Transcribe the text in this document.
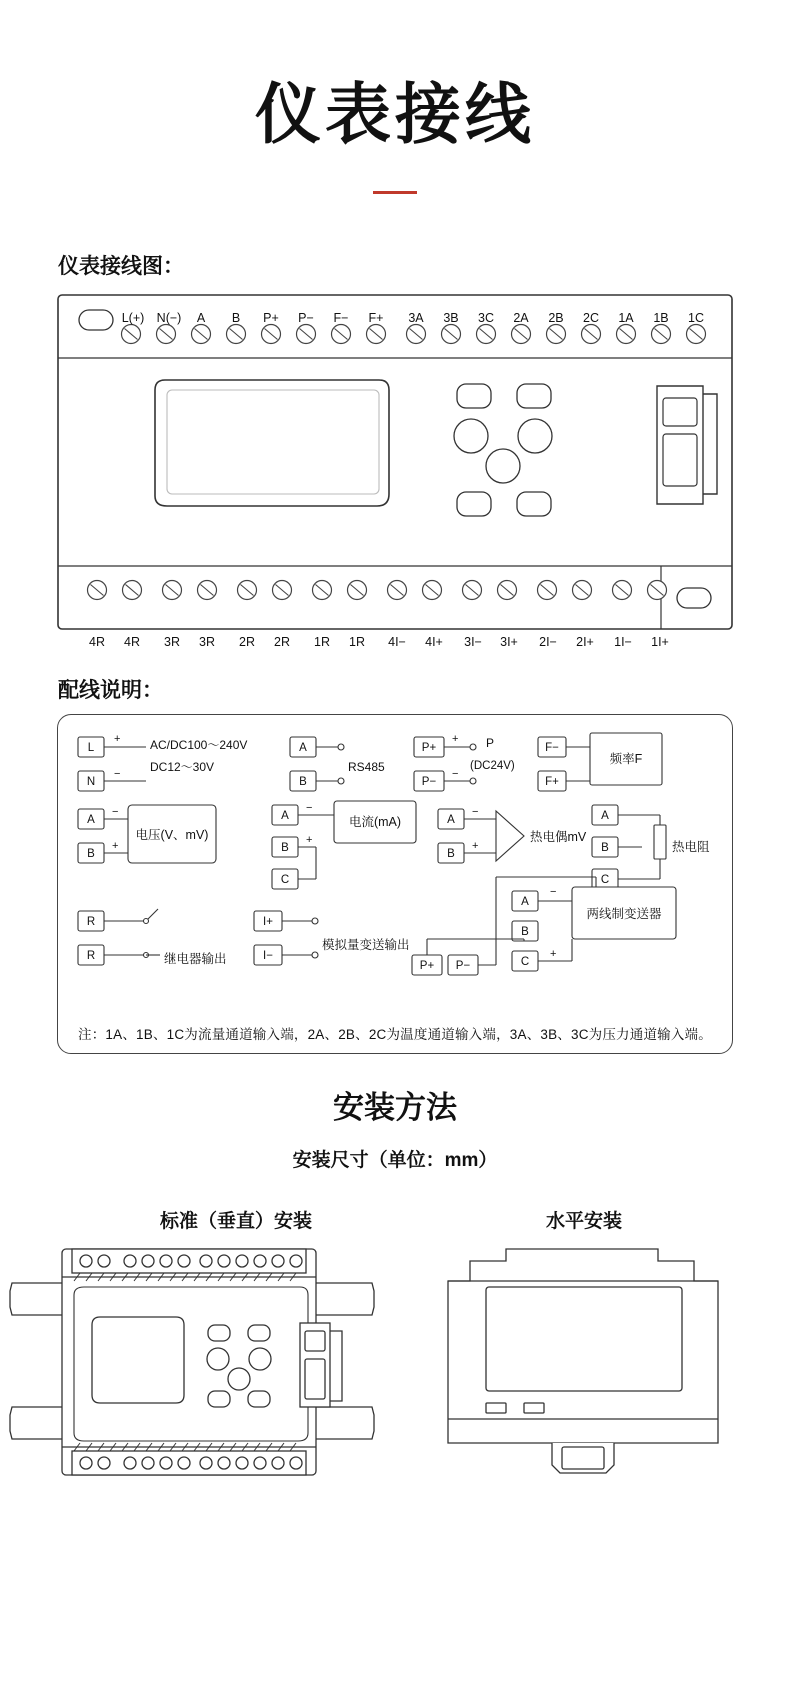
仪表接线
仪表接线图：
L(+) N(−) A B P+ P− F− F+ 3A 3B 3C 2A 2B 2C 1A 1B 1C
4R 4R 3R 3R 2R 2R 1R 1R 4I− 4I+ 3I− 3I+ 2I− 2I+ 1I− 1I+
配线说明：
L
N
+
−
AC/DC100～240V
DC12～30V
A
B
RS485
P+
P−
+
−
P
(DC24V)
F−
F+
频率F
A
B
−
+
电压(V、mV)
A
B
C
−
+
电流(mA)	A
B
−
+
热电偶mV
A
B
C
热电阻
R
R	继电器输出
I+
I−
模拟量变送输出
A
B
C
P+ P−
−
+
两线制变送器
注：1A、1B、1C为流量通道输入端，2A、2B、2C为温度通道输入端，3A、3B、3C为压力通道输入端。
安装方法
安装尺寸（单位：mm）
标准（垂直）安装	水平安装
